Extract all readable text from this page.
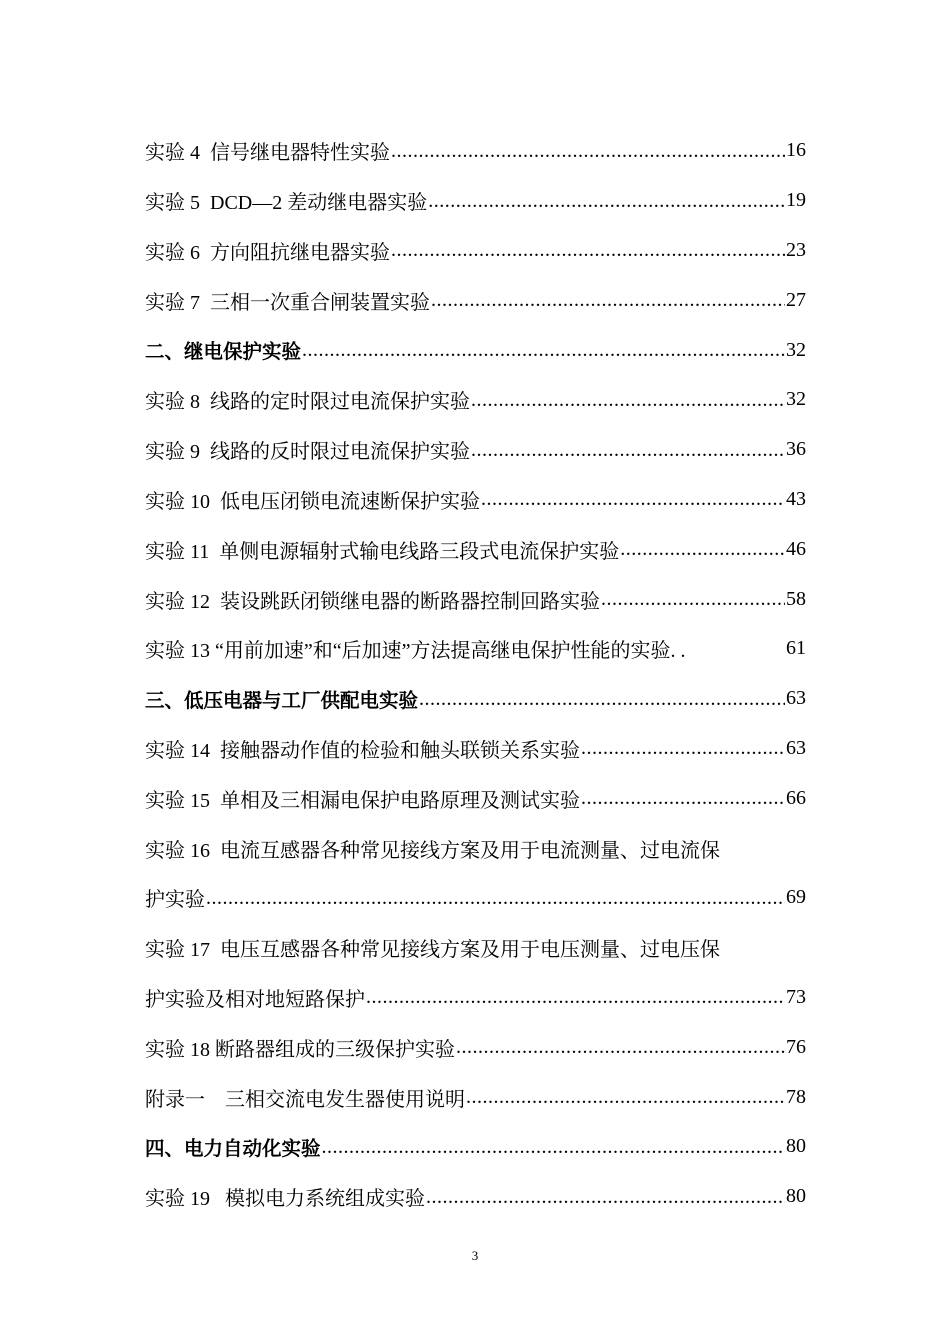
实验 4  信号继电器特性实验 .....	16
实验 5  DCD—2 差动继电器实验 .....	19
实验 6  方向阻抗继电器实验 .....	23
实验 7  三相一次重合闸装置实验 .....	27
二、继电保护实验 .....	32
实验 8  线路的定时限过电流保护实验 .....	32
实验 9  线路的反时限过电流保护实验 .....	36
实验 10  低电压闭锁电流速断保护实验 .....	43
实验 11  单侧电源辐射式输电线路三段式电流保护实验 .....	46
实验 12  装设跳跃闭锁继电器的断路器控制回路实验 .....	58
实验 13 “用前加速”和“后加速”方法提高继电保护性能的实验. .	61
三、低压电器与工厂供配电实验 .....	63
实验 14  接触器动作值的检验和触头联锁关系实验 .....	63
实验 15  单相及三相漏电保护电路原理及测试实验 .....	66
实验 16  电流互感器各种常见接线方案及用于电流测量、过电流保
护实验 .....	69
实验 17  电压互感器各种常见接线方案及用于电压测量、过电压保
护实验及相对地短路保护 .....	73
实验 18 断路器组成的三级保护实验 .....	76
附录一    三相交流电发生器使用说明 .....	78
四、电力自动化实验 .....	80
实验 19   模拟电力系统组成实验 .....	80
3
